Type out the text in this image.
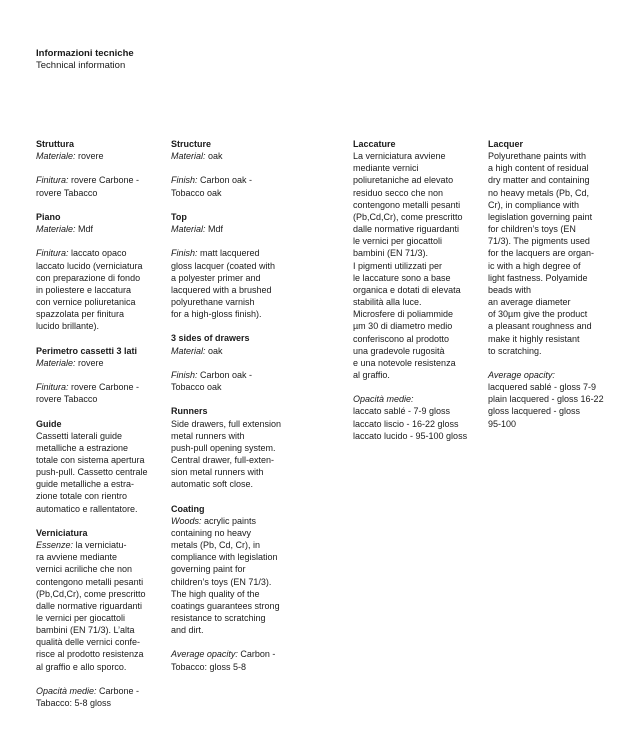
Informazioni tecniche
Technical information
Struttura
Materiale: rovere
Finitura: rovere Carbone -
rovere Tabacco
Piano
Materiale: Mdf
Finitura: laccato opaco
laccato lucido (verniciatura
con preparazione di fondo
in poliestere e laccatura
con vernice poliuretanica
spazzolata per finitura
lucido brillante).
Perimetro cassetti 3 lati
Materiale: rovere
Finitura: rovere Carbone -
rovere Tabacco
Guide
Cassetti laterali guide
metalliche a estrazione
totale con sistema apertura
push-pull. Cassetto centrale
guide metalliche a estra-
zione totale con rientro
automatico e rallentatore.
Verniciatura
Essenze: la verniciatu-
ra avviene mediante
vernici acriliche che non
contengono metalli pesanti
(Pb,Cd,Cr), come prescritto
dalle normative riguardanti
le vernici per giocattoli
bambini (EN 71/3). L’alta
qualità delle vernici confe-
risce al prodotto resistenza
al graffio e allo sporco.
Opacità medie: Carbone -
Tabacco: 5-8 gloss
Structure
Material: oak
Finish: Carbon oak -
Tobacco oak
Top
Material: Mdf
Finish: matt lacquered
gloss lacquer (coated with
a polyester primer and
lacquered with a brushed
polyurethane varnish
for a high-gloss finish).
3 sides of drawers
Material: oak
Finish: Carbon oak -
Tobacco oak
Runners
Side drawers, full extension
metal runners with
push-pull opening system.
Central drawer, full-exten-
sion metal runners with
automatic soft close.
Coating
Woods: acrylic paints
containing no heavy
metals (Pb, Cd, Cr), in
compliance with legislation
governing paint for
children’s toys (EN 71/3).
The high quality of the
coatings guarantees strong
resistance to scratching
and dirt.
Average opacity: Carbon -
Tobacco: gloss 5-8
Laccature
La verniciatura avviene
mediante vernici
poliuretaniche ad elevato
residuo secco che non
contengono metalli pesanti
(Pb,Cd,Cr), come prescritto
dalle normative riguardanti
le vernici per giocattoli
bambini (EN 71/3).
I pigmenti utilizzati per
le laccature sono a base
organica e dotati di elevata
stabilità alla luce.
Microsfere di poliammide
µm 30 di diametro medio
conferiscono al prodotto
una gradevole rugosità
e una notevole resistenza
al graffio.
Opacità medie:
laccato sablé - 7-9 gloss
laccato liscio - 16-22 gloss
laccato lucido - 95-100 gloss
Lacquer
Polyurethane paints with
a high content of residual
dry matter and containing
no heavy metals (Pb, Cd,
Cr), in compliance with
legislation governing paint
for children’s toys (EN
71/3). The pigments used
for the lacquers are organ-
ic with a high degree of
light fastness. Polyamide
beads with
an average diameter
of 30µm give the product
a pleasant roughness and
make it highly resistant
to scratching.
Average opacity:
lacquered sablé - gloss 7-9
plain lacquered - gloss 16-22
gloss lacquered - gloss
95-100
